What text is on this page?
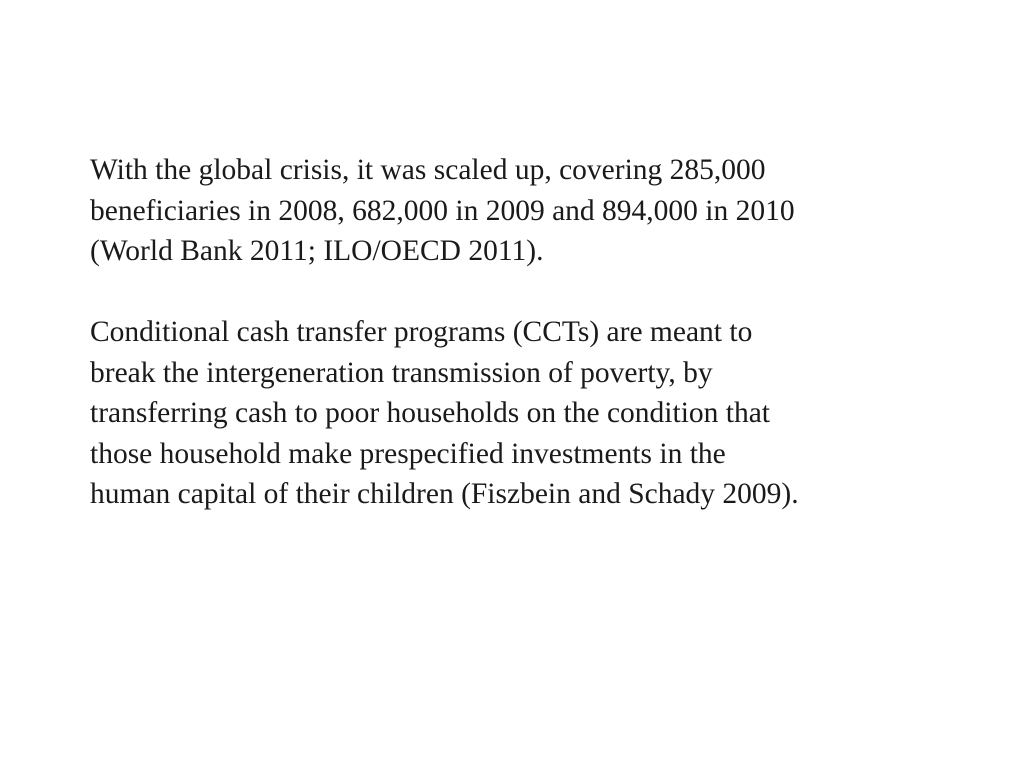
With the global crisis, it was scaled up, covering 285,000
beneficiaries in 2008, 682,000 in 2009 and 894,000 in 2010
(World Bank 2011; ILO/OECD 2011).

Conditional cash transfer programs (CCTs) are meant to
break the intergeneration transmission of poverty, by
transferring cash to poor households on the condition that
those household make prespecified investments in the
human capital of their children (Fiszbein and Schady 2009).
